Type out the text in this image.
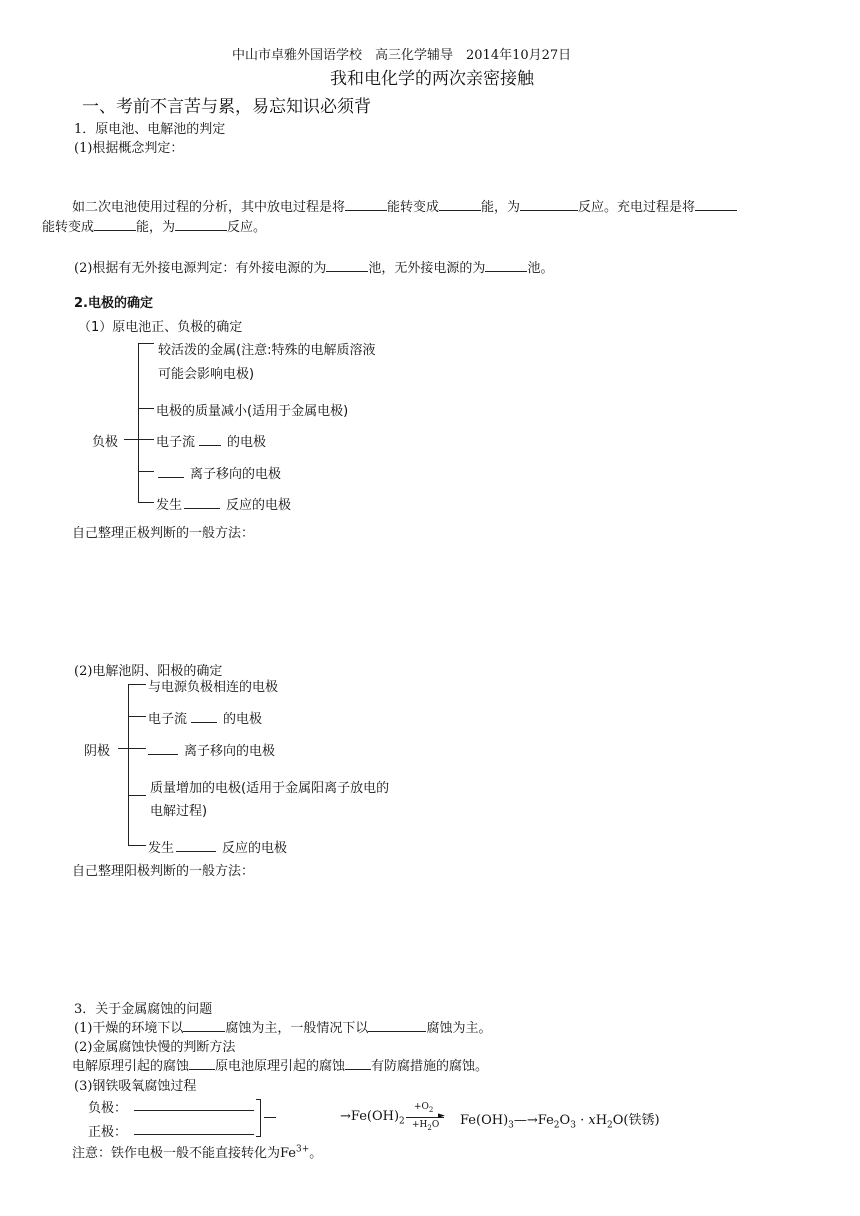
中山市卓雅外国语学校　高三化学辅导　2014年10月27日
我和电化学的两次亲密接触
一、考前不言苦与累，易忘知识必须背
1．原电池、电解池的判定
(1)根据概念判定：
如二次电池使用过程的分析，其中放电过程是将	能转变成	能，为	反应。充电过程是将
能转变成	能，为	反应。
(2)根据有无外接电源判定：有外接电源的为	池，无外接电源的为	池。
2.电极的确定
（1）原电池正、负极的确定
负极
较活泼的金属(注意:特殊的电解质溶液
可能会影响电极)
电极的质量减小(适用于金属电极)
电子流 的电极
离子移向的电极
发生	反应的电极
自己整理正极判断的一般方法：
(2)电解池阴、阳极的确定
阴极
与电源负极相连的电极
电子流	的电极
离子移向的电极
质量增加的电极(适用于金属阳离子放电的
电解过程)
发生	反应的电极
自己整理阳极判断的一般方法：
3．关于金属腐蚀的问题
(1)干燥的环境下以	腐蚀为主，一般情况下以	腐蚀为主。
(2)金属腐蚀快慢的判断方法
电解原理引起的腐蚀 原电池原理引起的腐蚀 有防腐措施的腐蚀。
(3)钢铁吸氧腐蚀过程
负极：
正极：
$\to Fe(OH)_2$
$+O_2$
►
$+H_2O$ $Fe(OH)_3—\to Fe_2O_3 \cdot xH_2O$(铁锈)
注意：铁作电极一般不能直接转化为$Fe^{3+}$。
